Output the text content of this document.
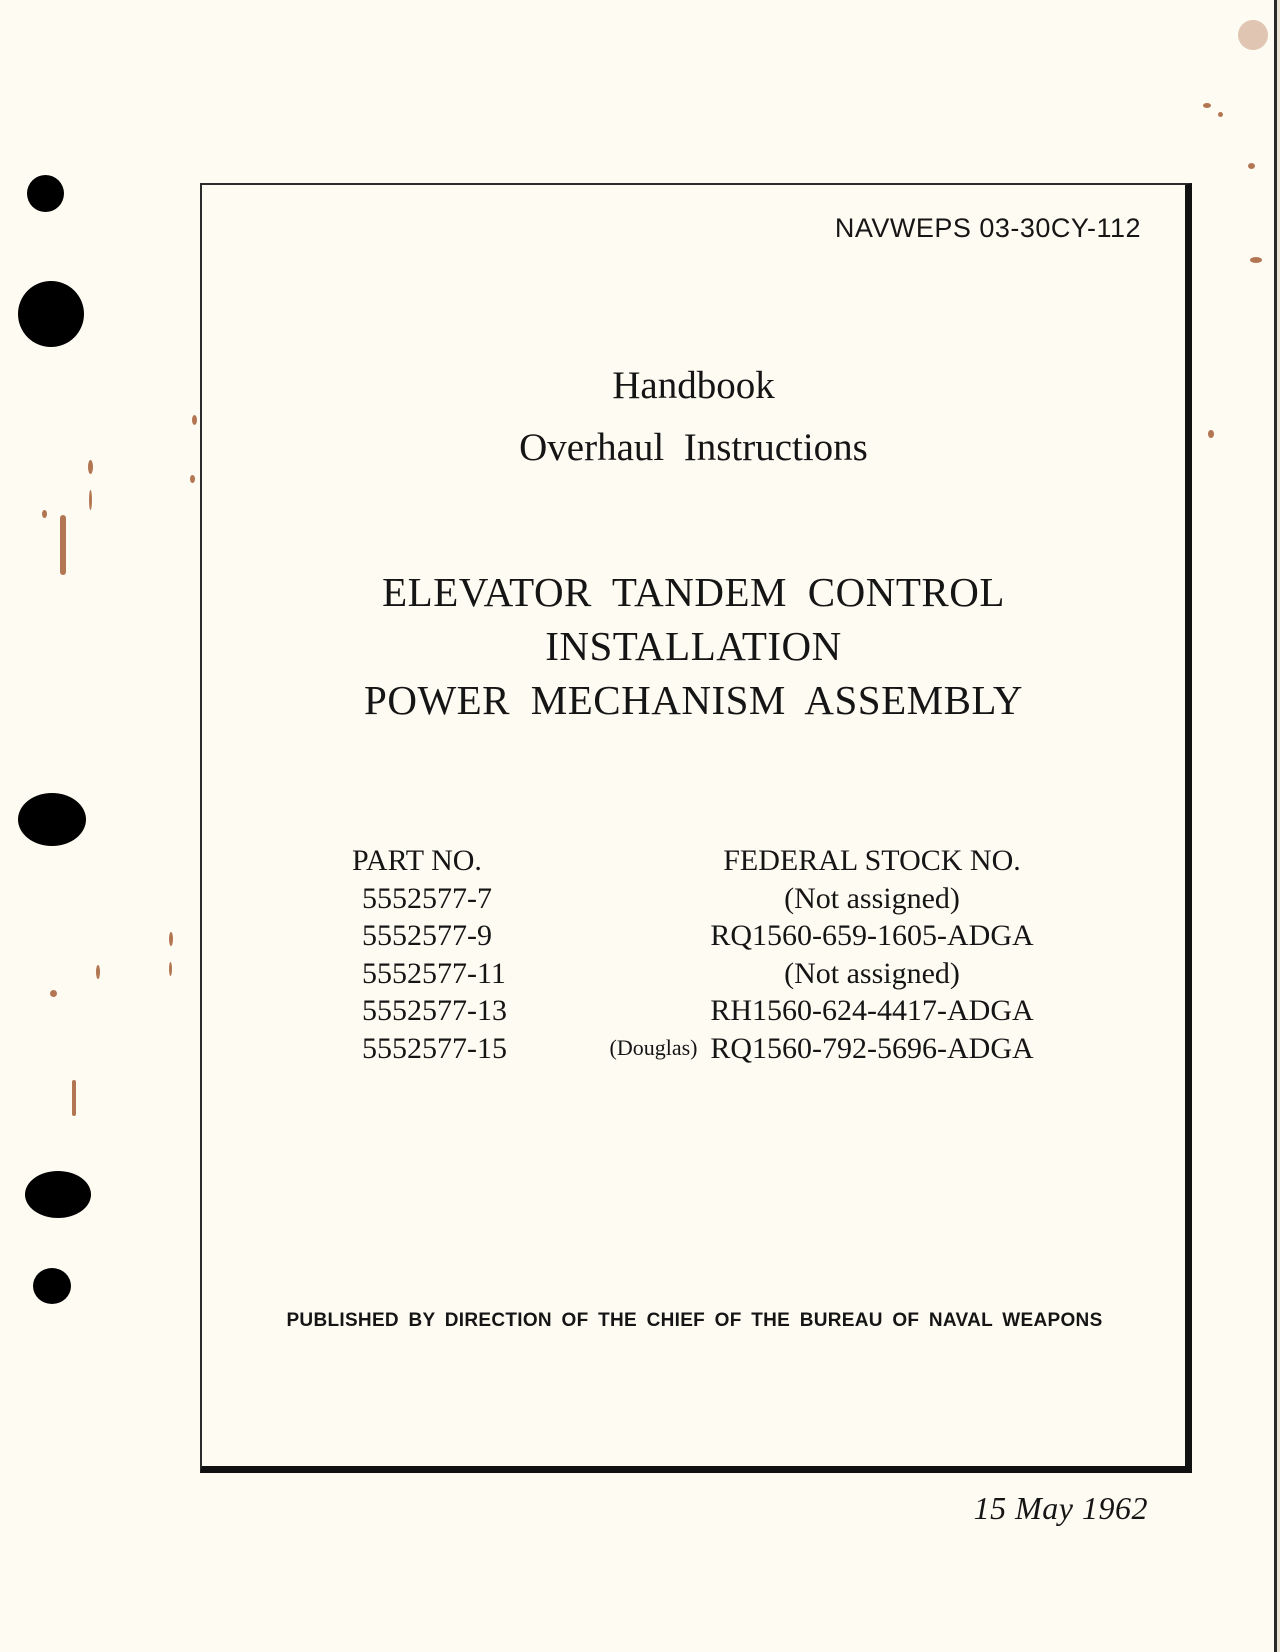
NAVWEPS 03-30CY-112
Handbook
Overhaul  Instructions
ELEVATOR TANDEM CONTROL
INSTALLATION
POWER MECHANISM ASSEMBLY
PART NO.
5552577-7
5552577-9
5552577-11
5552577-13
5552577-15
FEDERAL STOCK NO.
(Not assigned)
RQ1560-659-1605-ADGA
(Not assigned)
RH1560-624-4417-ADGA
RQ1560-792-5696-ADGA
(Douglas)
PUBLISHED BY DIRECTION OF THE CHIEF OF THE BUREAU OF NAVAL WEAPONS
15 May 1962
